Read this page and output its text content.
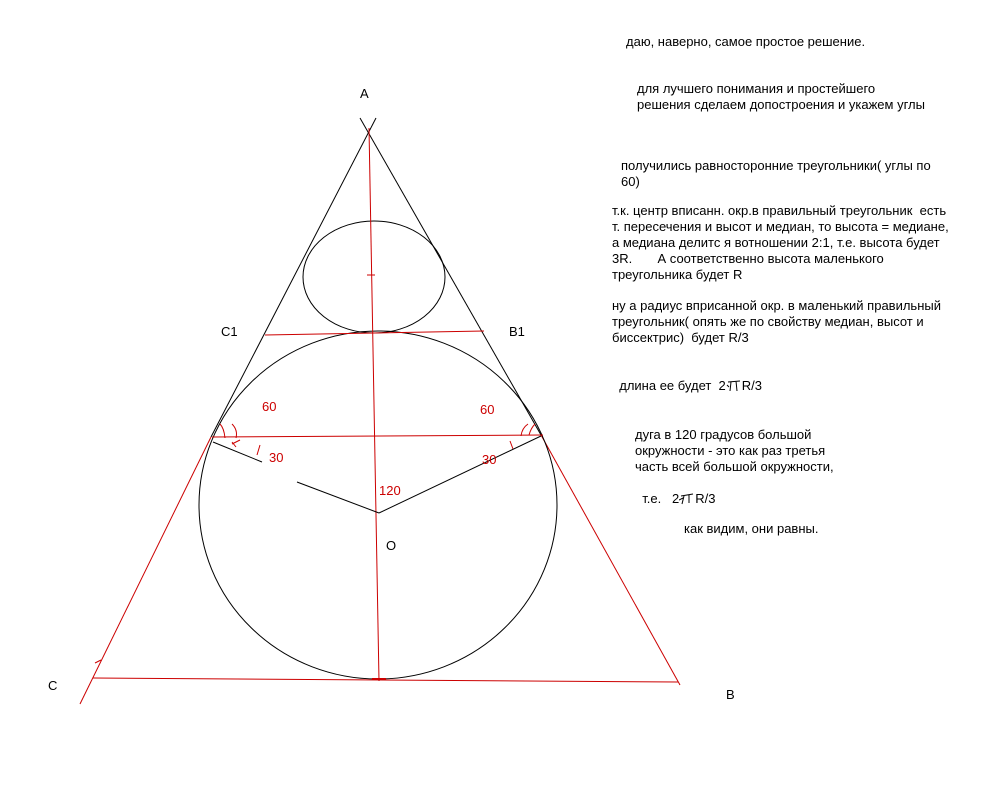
A
B
C
B1
C1
O
60	60
30	30
120
даю, наверно, самое простое решение.
для лучшего понимания и простейшего
решения сделаем допостроения и укажем углы
получились равносторонние треугольники( углы по
60)
т.к. центр вписанн. окр.в правильный треугольник  есть
т. пересечения и высот и медиан, то высота = медиане,
а медиана делитс я вотношении 2:1, т.е. высота будет
3R.       А соответственно высота маленького
треугольника будет R
ну а радиус вприсанной окр. в маленький правильный
треугольник( опять же по свойству медиан, высот и
биссектрис)  будет R/3

длина ее будет  2 R/3

дуга в 120 градусов большой
окружности - это как раз третья
часть всей большой окружности,

т.е.   2 R/3

как видим, они равны.
